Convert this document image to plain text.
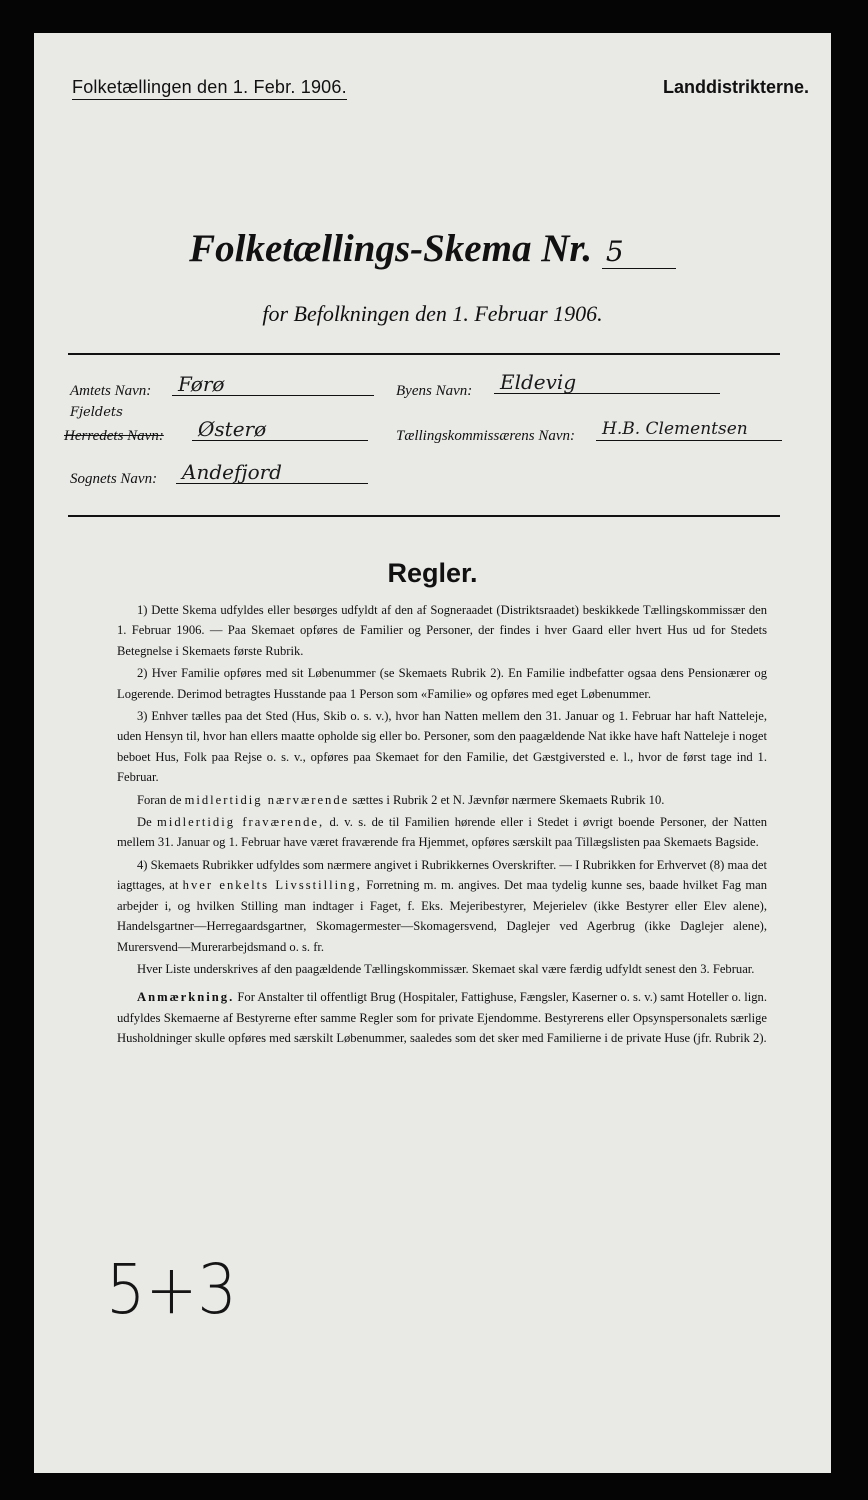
Folketællingen den 1. Febr. 1906.	Landdistrikterne.
Folketællings-Skema Nr. 5
for Befolkningen den 1. Februar 1906.
Amtets Navn:	Førø
Fjeldets
Herredets Navn:	Østerø
Sognets Navn:	Andefjord
Byens Navn:	Eldevig
Tællingskommissærens Navn:	H.B. Clementsen
Regler.

1) Dette Skema udfyldes eller besørges udfyldt af den af Sogneraadet (Distriktsraadet) beskikkede Tællingskommissær den 1. Februar 1906. — Paa Skemaet opføres de Familier og Personer, der findes i hver Gaard eller hvert Hus ud for Stedets Betegnelse i Skemaets første Rubrik.

2) Hver Familie opføres med sit Løbenummer (se Skemaets Rubrik 2). En Familie indbefatter ogsaa dens Pensionærer og Logerende. Derimod betragtes Husstande paa 1 Person som «Familie» og opføres med eget Løbenummer.

3) Enhver tælles paa det Sted (Hus, Skib o. s. v.), hvor han Natten mellem den 31. Januar og 1. Februar har haft Natteleje, uden Hensyn til, hvor han ellers maatte opholde sig eller bo. Personer, som den paagældende Nat ikke have haft Natteleje i noget beboet Hus, Folk paa Rejse o. s. v., opføres paa Skemaet for den Familie, det Gæstgiversted e. l., hvor de først tage ind 1. Februar.

Foran de midlertidig nærværende sættes i Rubrik 2 et N. Jævnfør nærmere Skemaets Rubrik 10.

De midlertidig fraværende, d. v. s. de til Familien hørende eller i Stedet i øvrigt boende Personer, der Natten mellem 31. Januar og 1. Februar have været fraværende fra Hjemmet, opføres særskilt paa Tillægslisten paa Skemaets Bagside.

4) Skemaets Rubrikker udfyldes som nærmere angivet i Rubrikkernes Overskrifter. — I Rubrikken for Erhvervet (8) maa det iagttages, at hver enkelts Livsstilling, Forretning m. m. angives. Det maa tydelig kunne ses, baade hvilket Fag man arbejder i, og hvilken Stilling man indtager i Faget, f. Eks. Mejeribestyrer, Mejerielev (ikke Bestyrer eller Elev alene), Handelsgartner—Herregaardsgartner, Skomagermester—Skomagersvend, Daglejer ved Agerbrug (ikke Daglejer alene), Murersvend—Murerarbejdsmand o. s. fr.

Hver Liste underskrives af den paagældende Tællingskommissær. Skemaet skal være færdig udfyldt senest den 3. Februar.

Anmærkning. For Anstalter til offentligt Brug (Hospitaler, Fattighuse, Fængsler, Kaserner o. s. v.) samt Hoteller o. lign. udfyldes Skemaerne af Bestyrerne efter samme Regler som for private Ejendomme. Bestyrerens eller Opsynspersonalets særlige Husholdninger skulle opføres med særskilt Løbenummer, saaledes som det sker med Familierne i de private Huse (jfr. Rubrik 2).

5+3
